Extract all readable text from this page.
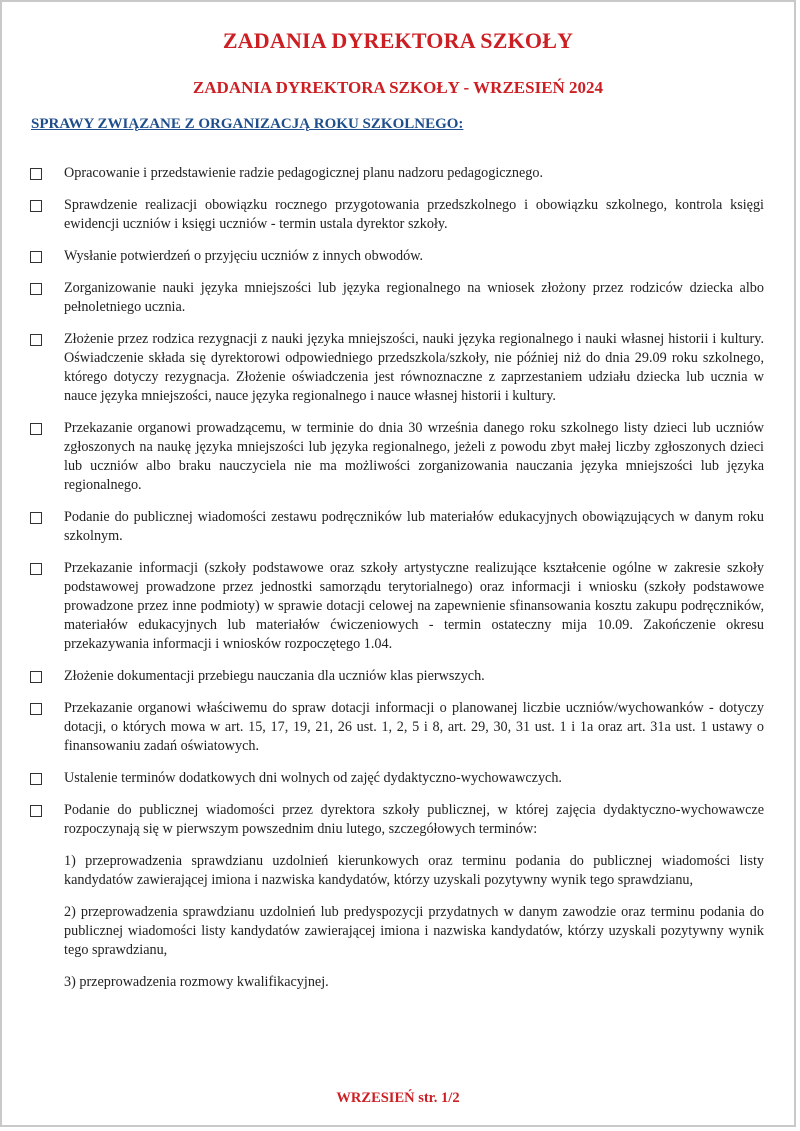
ZADANIA DYREKTORA SZKOŁY
ZADANIA DYREKTORA SZKOŁY - WRZESIEŃ 2024
SPRAWY ZWIĄZANE Z ORGANIZACJĄ ROKU SZKOLNEGO:
Opracowanie i przedstawienie radzie pedagogicznej planu nadzoru pedagogicznego.
Sprawdzenie realizacji obowiązku rocznego przygotowania przedszkolnego i obowiązku szkolnego, kontrola księgi ewidencji uczniów i księgi uczniów - termin ustala dyrektor szkoły.
Wysłanie potwierdzeń o przyjęciu uczniów z innych obwodów.
Zorganizowanie nauki języka mniejszości lub języka regionalnego na wniosek złożony przez rodziców dziecka albo pełnoletniego ucznia.
Złożenie przez rodzica rezygnacji z nauki języka mniejszości, nauki języka regionalnego i nauki własnej historii i kultury. Oświadczenie składa się dyrektorowi odpowiedniego przedszkola/szkoły, nie później niż do dnia 29.09 roku szkolnego, którego dotyczy rezygnacja. Złożenie oświadczenia jest równoznaczne z zaprzestaniem udziału dziecka lub ucznia w nauce języka mniejszości, nauce języka regionalnego i nauce własnej historii i kultury.
Przekazanie organowi prowadzącemu, w terminie do dnia 30 września danego roku szkolnego listy dzieci lub uczniów zgłoszonych na naukę języka mniejszości lub języka regionalnego, jeżeli z powodu zbyt małej liczby zgłoszonych dzieci lub uczniów albo braku nauczyciela nie ma możliwości zorganizowania nauczania języka mniejszości lub języka regionalnego.
Podanie do publicznej wiadomości zestawu podręczników lub materiałów edukacyjnych obowiązujących w danym roku szkolnym.
Przekazanie informacji (szkoły podstawowe oraz szkoły artystyczne realizujące kształcenie ogólne w zakresie szkoły podstawowej prowadzone przez jednostki samorządu terytorialnego) oraz informacji i wniosku (szkoły podstawowe prowadzone przez inne podmioty) w sprawie dotacji celowej na zapewnienie sfinansowania kosztu zakupu podręczników, materiałów edukacyjnych lub materiałów ćwiczeniowych - termin ostateczny mija 10.09. Zakończenie okresu przekazywania informacji i wniosków rozpoczętego 1.04.
Złożenie dokumentacji przebiegu nauczania dla uczniów klas pierwszych.
Przekazanie organowi właściwemu do spraw dotacji informacji o planowanej liczbie uczniów/wychowanków - dotyczy dotacji, o których mowa w art. 15, 17, 19, 21, 26 ust. 1, 2, 5 i 8, art. 29, 30, 31 ust. 1 i 1a oraz art. 31a ust. 1 ustawy o finansowaniu zadań oświatowych.
Ustalenie terminów dodatkowych dni wolnych od zajęć dydaktyczno-wychowawczych.
Podanie do publicznej wiadomości przez dyrektora szkoły publicznej, w której zajęcia dydaktyczno-wychowawcze rozpoczynają się w pierwszym powszednim dniu lutego, szczegółowych terminów:
1) przeprowadzenia sprawdzianu uzdolnień kierunkowych oraz terminu podania do publicznej wiadomości listy kandydatów zawierającej imiona i nazwiska kandydatów, którzy uzyskali pozytywny wynik tego sprawdzianu,
2) przeprowadzenia sprawdzianu uzdolnień lub predyspozycji przydatnych w danym zawodzie oraz terminu podania do publicznej wiadomości listy kandydatów zawierającej imiona i nazwiska kandydatów, którzy uzyskali pozytywny wynik tego sprawdzianu,
3) przeprowadzenia rozmowy kwalifikacyjnej.
WRZESIEŃ str. 1/2
